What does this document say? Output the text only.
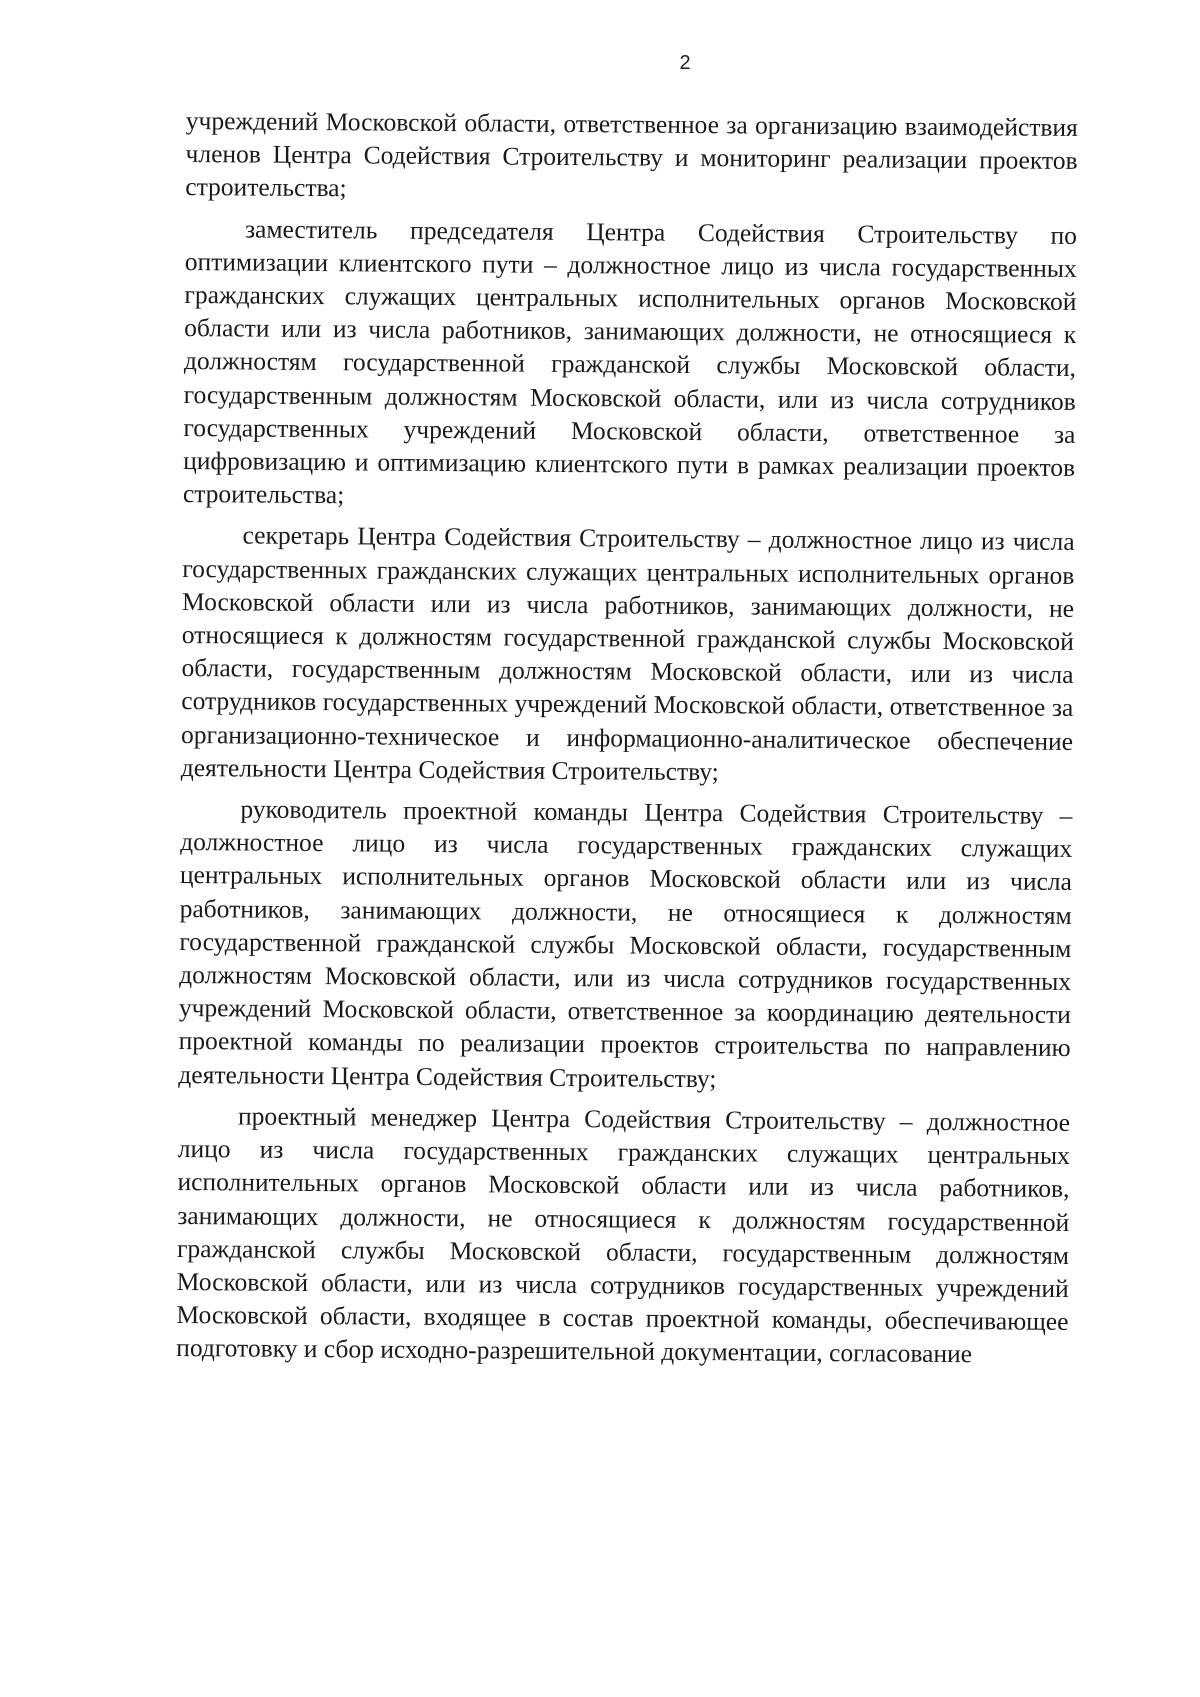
2

учреждений Московской области, ответственное за организацию взаимодействия членов Центра Содействия Строительству и мониторинг реализации проектов строительства;

заместитель председателя Центра Содействия Строительству по оптимизации клиентского пути – должностное лицо из числа государственных гражданских служащих центральных исполнительных органов Московской области или из числа работников, занимающих должности, не относящиеся к должностям государственной гражданской службы Московской области, государственным должностям Московской области, или из числа сотрудников государственных учреждений Московской области, ответственное за цифровизацию и оптимизацию клиентского пути в рамках реализации проектов строительства;

секретарь Центра Содействия Строительству – должностное лицо из числа государственных гражданских служащих центральных исполнительных органов Московской области или из числа работников, занимающих должности, не относящиеся к должностям государственной гражданской службы Московской области, государственным должностям Московской области, или из числа сотрудников государственных учреждений Московской области, ответственное за организационно-техническое и информационно-аналитическое обеспечение деятельности Центра Содействия Строительству;

руководитель проектной команды Центра Содействия Строительству – должностное лицо из числа государственных гражданских служащих центральных исполнительных органов Московской области или из числа работников, занимающих должности, не относящиеся к должностям государственной гражданской службы Московской области, государственным должностям Московской области, или из числа сотрудников государственных учреждений Московской области, ответственное за координацию деятельности проектной команды по реализации проектов строительства по направлению деятельности Центра Содействия Строительству;

проектный менеджер Центра Содействия Строительству – должностное лицо из числа государственных гражданских служащих центральных исполнительных органов Московской области или из числа работников, занимающих должности, не относящиеся к должностям государственной гражданской службы Московской области, государственным должностям Московской области, или из числа сотрудников государственных учреждений Московской области, входящее в состав проектной команды, обеспечивающее подготовку и сбор исходно-разрешительной документации, согласование
